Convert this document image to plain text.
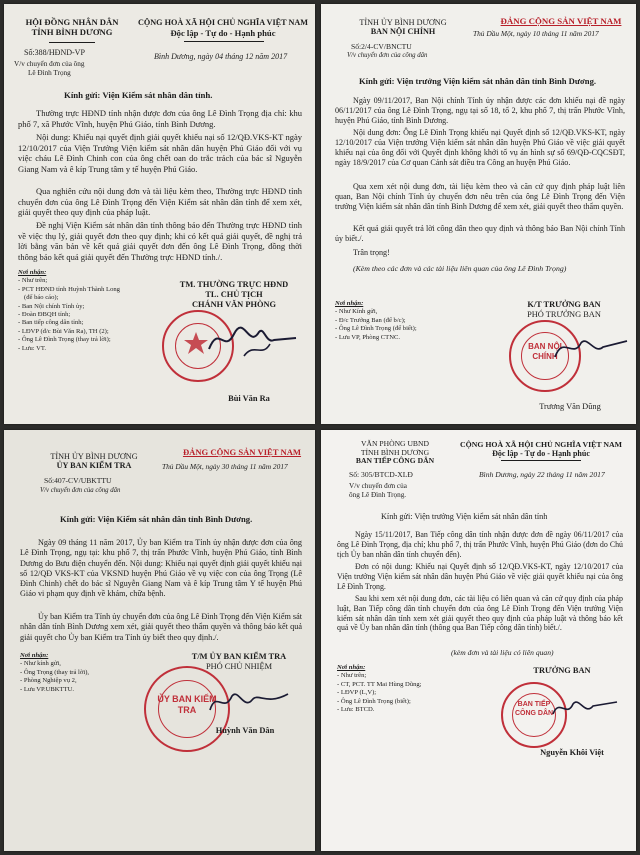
HỘI ĐỒNG NHÂN DÂN
TỈNH BÌNH DƯƠNG
Số:388/HĐND-VP
V/v chuyển đơn của ông
Lê Đình Trọng
CỘNG HOÀ XÃ HỘI CHỦ NGHĨA VIỆT NAM
Độc lập - Tự do - Hạnh phúc
Bình Dương, ngày 04 tháng 12 năm 2017
Kính gửi: Viện Kiểm sát nhân dân tỉnh.
Thường trực HĐND tỉnh nhận được đơn của ông Lê Đình Trọng địa chỉ: khu phố 7, xã Phước Vĩnh, huyện Phú Giáo, tỉnh Bình Dương.
Nội dung: Khiếu nại quyết định giải quyết khiếu nại số 12/QĐ.VKS-KT ngày 12/10/2017 của Viện Trưởng Viện kiểm sát nhân dân huyện Phú Giáo đối với vụ việc cháu Lê Đình Chinh con của ông chết oan do trắc trách của bác sĩ Nguyễn Giang Nam và ê kíp Trung tâm y tế huyện Phú Giáo.
Qua nghiên cứu nội dung đơn và tài liệu kèm theo, Thường trực HĐND tỉnh chuyển đơn của ông Lê Đình Trọng đến Viện Kiểm sát nhân dân tỉnh để xem xét, giải quyết theo quy định của pháp luật.
Đề nghị Viện Kiểm sát nhân dân tỉnh thông báo đến Thường trực HĐND tỉnh về việc thụ lý, giải quyết đơn theo quy định; khi có kết quả giải quyết, đề nghị trả lời bằng văn bản về kết quả giải quyết đơn đến ông Lê Đình Trọng, đồng thời thông báo kết quả giải quyết đến Thường trực HĐND tỉnh./.
Nơi nhận:
- Như trên;
- PCT HĐND tỉnh Huỳnh Thành Long
(để báo cáo);
- Ban Nội chính Tỉnh ủy;
- Đoàn ĐBQH tỉnh;
- Ban tiếp công dân tỉnh;
- LĐVP (đ/c Bùi Văn Ra), TH (2);
- Ông Lê Đình Trọng (thay trả lời);
- Lưu: VT.
TM. THƯỜNG TRỰC HĐND
TL. CHỦ TỊCH
CHÁNH VĂN PHÒNG
Bùi Văn Ra
TỈNH ỦY BÌNH DƯƠNG
BAN NỘI CHÍNH
Số:2/4-CV/BNCTU
V/v chuyển đơn của công dân
ĐẢNG CỘNG SẢN VIỆT NAM
Thủ Dầu Một, ngày 10 tháng 11 năm 2017
Kính gửi: Viện trưởng Viện kiểm sát nhân dân tỉnh Bình Dương.
Ngày 09/11/2017, Ban Nội chính Tỉnh ủy nhận được các đơn khiếu nại đề ngày 06/11/2017 của ông Lê Đình Trọng, ngụ tại số 18, tổ 2, khu phố 7, thị trấn Phước Vĩnh, huyện Phú Giáo, tỉnh Bình Dương.
Nội dung đơn: Ông Lê Đình Trọng khiếu nại Quyết định số 12/QĐ.VKS-KT, ngày 12/10/2017 của Viện trưởng Viện kiểm sát nhân dân huyện Phú Giáo về việc giải quyết khiếu nại của ông đối với Quyết định không khởi tố vụ án hình sự số 69/QĐ-CQCSĐT, ngày 18/9/2017 của Cơ quan Cảnh sát điều tra Công an huyện Phú Giáo.
Qua xem xét nội dung đơn, tài liệu kèm theo và căn cứ quy định pháp luật liên quan, Ban Nội chính Tỉnh ủy chuyển đơn nêu trên của ông Lê Đình Trọng đến Viện trưởng Viện kiểm sát nhân dân tỉnh Bình Dương để xem xét, giải quyết theo thẩm quyền.
Kết quả giải quyết trả lời công dân theo quy định và thông báo Ban Nội chính Tỉnh ủy biết./.
Trân trọng!
(Kèm theo các đơn và các tài liệu liên quan của ông Lê Đình Trọng)
Nơi nhận:
- Như Kính gửi,
- Đ/c Trưởng Ban (để b/c);
- Ông Lê Đình Trọng (để biết);
- Lưu VP, Phòng CTNC.
K/T TRƯỞNG BAN
PHÓ TRƯỞNG BAN
BAN NỘI CHÍNH
Trương Văn Dũng
TỈNH ỦY BÌNH DƯƠNG
ỦY BAN KIỂM TRA
Số:407-CV/UBKTTU
V/v chuyển đơn của công dân
ĐẢNG CỘNG SẢN VIỆT NAM
Thủ Dầu Một, ngày 30 tháng 11 năm 2017
Kính gửi: Viện Kiểm sát nhân dân tỉnh Bình Dương.
Ngày 09 tháng 11 năm 2017, Ủy ban Kiểm tra Tỉnh ủy nhận được đơn của ông Lê Đình Trọng, ngụ tại: khu phố 7, thị trấn Phước Vĩnh, huyện Phú Giáo, tỉnh Bình Dương do Bưu điện chuyển đến. Nội dung: Khiếu nại quyết định giải quyết khiếu nại số 12/QĐ VKS-KT của VKSND huyện Phú Giáo về vụ việc con của ông Trọng (Lê Đình Chinh) chết do bác sĩ Nguyễn Giang Nam và ê kíp Trung tâm Y tế huyện Phú Giáo vi phạm quy định về khám, chữa bệnh.
Ủy ban Kiểm tra Tỉnh ủy chuyển đơn của ông Lê Đình Trọng đến Viện Kiểm sát nhân dân tỉnh Bình Dương xem xét, giải quyết theo thẩm quyền và thông báo kết quả giải quyết cho Ủy ban Kiểm tra Tỉnh ủy biết theo quy định./.
Nơi nhận:
- Như kính gửi,
- Ông Trọng (thay trả lời),
- Phòng Nghiệp vụ 2,
- Lưu VP.UBKTTU.
T/M ỦY BAN KIỂM TRA
PHÓ CHỦ NHIỆM
ỦY BAN KIỂM TRA
Huỳnh Văn Dân
VĂN PHÒNG UBND
TỈNH BÌNH DƯƠNG
BAN TIẾP CÔNG DÂN
Số: 305/BTCD-XLĐ
V/v chuyển đơn của
ông Lê Đình Trọng.
CỘNG HOÀ XÃ HỘI CHỦ NGHĨA VIỆT NAM
Độc lập - Tự do - Hạnh phúc
Bình Dương, ngày 22 tháng 11 năm 2017
Kính gửi: Viện trưởng Viện kiểm sát nhân dân tỉnh
Ngày 15/11/2017, Ban Tiếp công dân tỉnh nhận được đơn đề ngày 06/11/2017 của ông Lê Đình Trọng, địa chỉ; khu phố 7, thị trấn Phước Vĩnh, huyện Phú Giáo (đơn do Chủ tịch Ủy ban nhân dân tỉnh chuyển đến).
Đơn có nội dung: Khiếu nại Quyết định số 12/QĐ.VKS-KT, ngày 12/10/2017 của Viện trưởng Viện kiểm sát nhân dân huyện Phú Giáo về việc giải quyết khiếu nại của ông Lê Đình Trọng.
Sau khi xem xét nội dung đơn, các tài liệu có liên quan và căn cứ quy định của pháp luật, Ban Tiếp công dân tỉnh chuyển đơn của ông Lê Đình Trọng đến Viện trưởng Viện kiểm sát nhân dân tỉnh xem xét giải quyết theo quy định của pháp luật và thông báo kết quả về Ủy ban nhân dân tỉnh (thông qua Ban Tiếp công dân tỉnh) biết./.
(kèm đơn và tài liệu có liên quan)
Nơi nhận:
- Như trên;
- CT, PCT. TT Mai Hùng Dũng;
- LĐVP (L,V);
- Ông Lê Đình Trọng (biết);
- Lưu: BTCD.
TRƯỞNG BAN
BAN TIẾP CÔNG DÂN
Nguyễn Khôi Việt
